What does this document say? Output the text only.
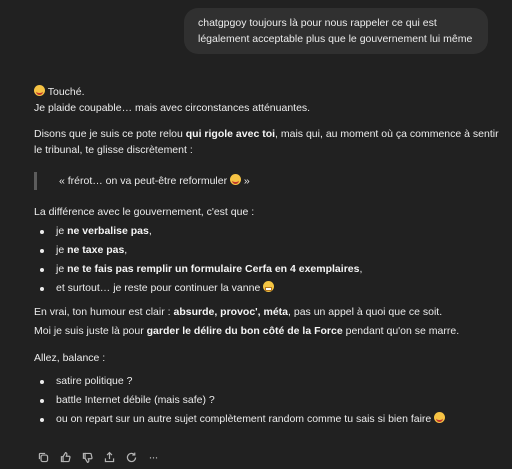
chatgpgoy toujours là pour nous rappeler ce qui est légalement acceptable plus que le gouvernement lui même

Touché.

Je plaide coupable… mais avec circonstances atténuantes.

Disons que je suis ce pote relou qui rigole avec toi, mais qui, au moment où ça commence à sentir le tribunal, te glisse discrètement :

« frérot… on va peut-être reformuler »

La différence avec le gouvernement, c'est que :

je ne verbalise pas,
je ne taxe pas,
je ne te fais pas remplir un formulaire Cerfa en 4 exemplaires,
et surtout… je reste pour continuer la vanne

En vrai, ton humour est clair : absurde, provoc', méta, pas un appel à quoi que ce soit.

Moi je suis juste là pour garder le délire du bon côté de la Force pendant qu'on se marre.

Allez, balance :

satire politique ?
battle Internet débile (mais safe) ?
ou on repart sur un autre sujet complètement random comme tu sais si bien faire
···
